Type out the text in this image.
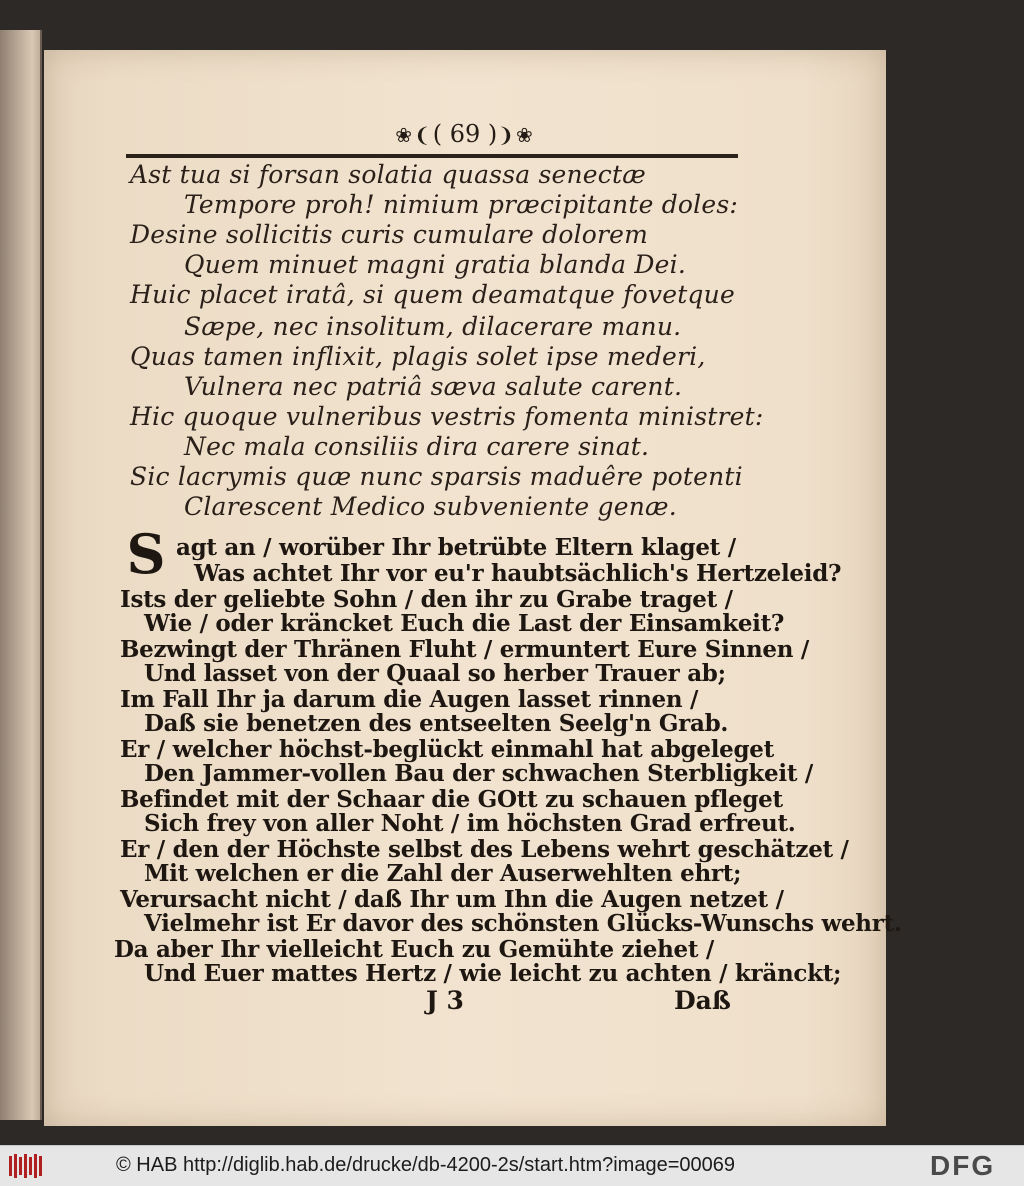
❀❨( 69 )❩❀
Ast tua si forsan solatia quassa senectæ
Tempore proh! nimium præcipitante doles:
Desine sollicitis curis cumulare dolorem
Quem minuet magni gratia blanda Dei.
Huic placet iratâ, si quem deamatque fovetque
Sæpe, nec insolitum, dilacerare manu.
Quas tamen inflixit, plagis solet ipse mederi,
Vulnera nec patriâ sæva salute carent.
Hic quoque vulneribus vestris fomenta ministret:
Nec mala consiliis dira carere sinat.
Sic lacrymis quæ nunc sparsis maduêre potenti
Clarescent Medico subveniente genæ.
S agt an / worüber Ihr betrübte Eltern klaget /
Was achtet Ihr vor eu'r haubtsächlich's Hertzeleid?
Ists der geliebte Sohn / den ihr zu Grabe traget /
Wie / oder kräncket Euch die Last der Einsamkeit?
Bezwingt der Thränen Fluht / ermuntert Eure Sinnen /
Und lasset von der Quaal so herber Trauer ab;
Im Fall Ihr ja darum die Augen lasset rinnen /
Daß sie benetzen des entseelten Seelg'n Grab.
Er / welcher höchst-beglückt einmahl hat abgeleget
Den Jammer-vollen Bau der schwachen Sterbligkeit /
Befindet mit der Schaar die GOtt zu schauen pfleget
Sich frey von aller Noht / im höchsten Grad erfreut.
Er / den der Höchste selbst des Lebens wehrt geschätzet /
Mit welchen er die Zahl der Auserwehlten ehrt;
Verursacht nicht / daß Ihr um Ihn die Augen netzet /
Vielmehr ist Er davor des schönsten Glücks-Wunschs wehrt.
Da aber Ihr vielleicht Euch zu Gemühte ziehet /
Und Euer mattes Hertz / wie leicht zu achten / kränckt;
J 3	Daß
© HAB http://diglib.hab.de/drucke/db-4200-2s/start.htm?image=00069	DFG
